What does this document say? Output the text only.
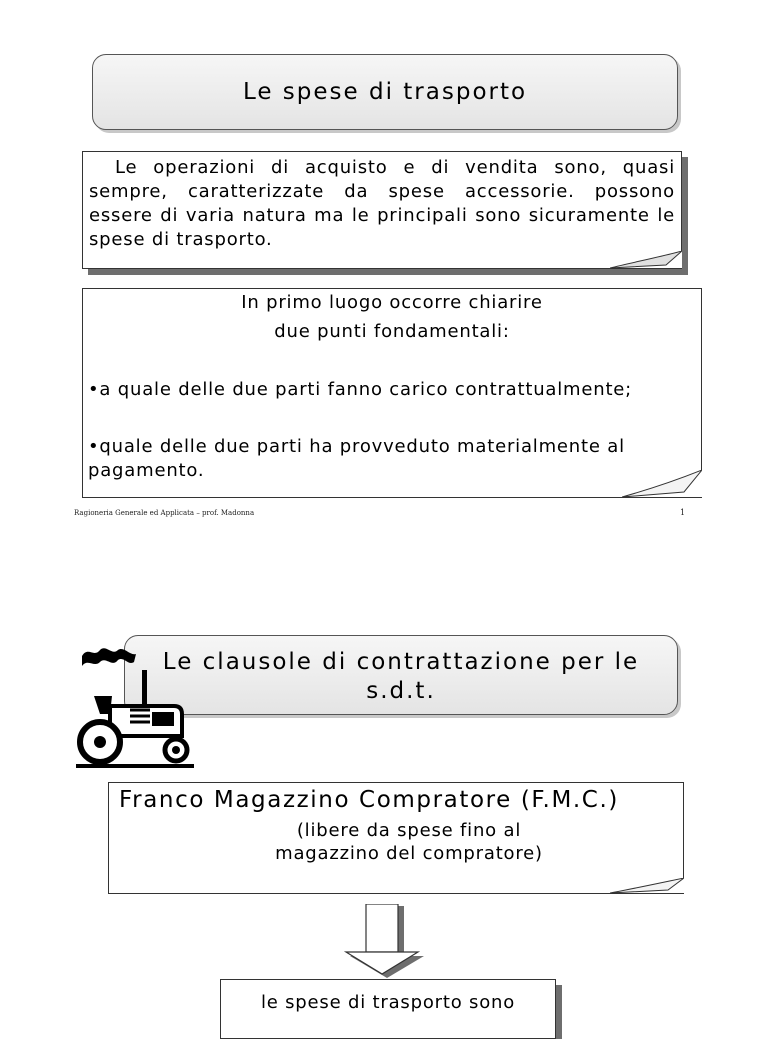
Le spese di trasporto
Le operazioni di acquisto e di vendita sono, quasi sempre, caratterizzate da spese accessorie. possono essere di varia natura ma le principali sono sicuramente le spese di trasporto.
In primo luogo occorre chiarire
due punti fondamentali:
•a quale delle due parti fanno carico contrattualmente;
•quale delle due parti ha provveduto materialmente al pagamento.
Ragioneria Generale ed Applicata – prof. Madonna	1
Le clausole di contrattazione per le s.d.t.
Franco Magazzino Compratore (F.M.C.)
(libere da spese fino al magazzino del compratore)
le spese di trasporto sono
